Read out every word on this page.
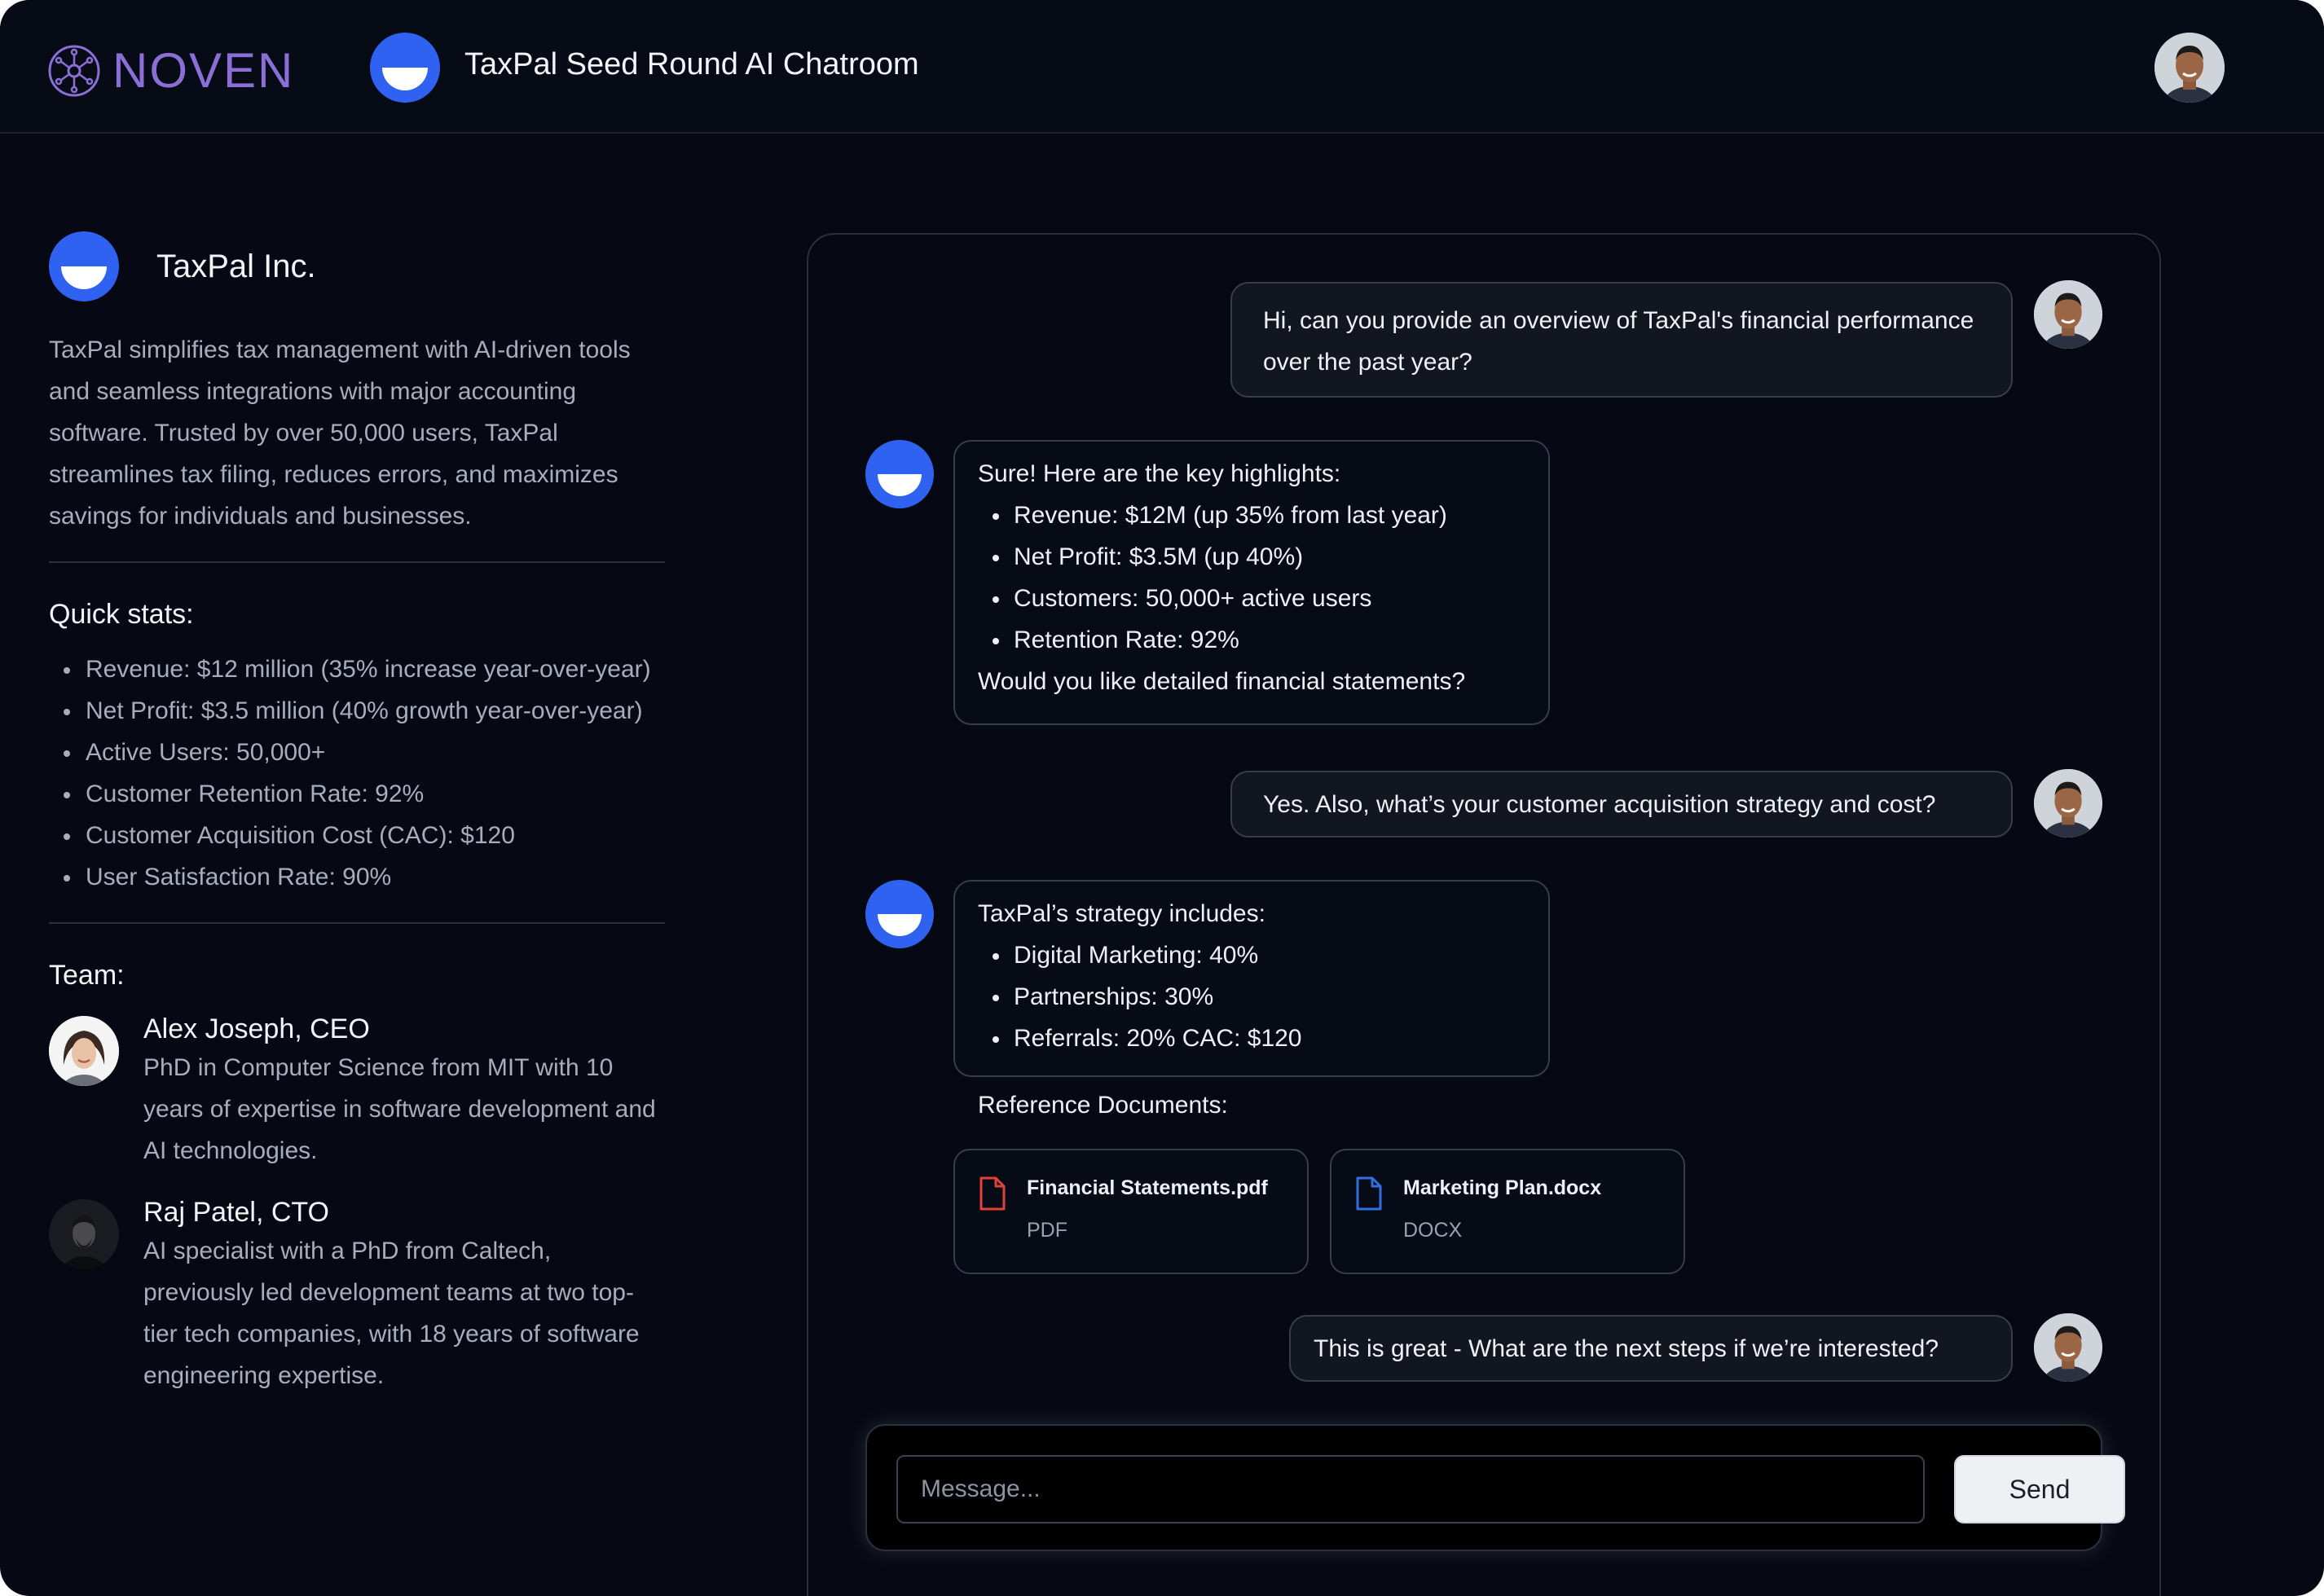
NOVEN	TaxPal Seed Round AI Chatroom
TaxPal Inc.

TaxPal simplifies tax management with AI-driven tools and seamless integrations with major accounting software. Trusted by over 50,000 users, TaxPal streamlines tax filing, reduces errors, and maximizes savings for individuals and businesses.

Quick stats:
Revenue: $12 million (35% increase year-over-year)
Net Profit: $3.5 million (40% growth year-over-year)
Active Users: 50,000+
Customer Retention Rate: 92%
Customer Acquisition Cost (CAC): $120
User Satisfaction Rate: 90%
Team:
Alex Joseph, CEO
PhD in Computer Science from MIT with 10 years of expertise in software development and AI technologies.
Raj Patel, CTO
AI specialist with a PhD from Caltech, previously led development teams at two top-tier tech companies, with 18 years of software engineering expertise.
Hi, can you provide an overview of TaxPal's financial performance over the past year?
Sure! Here are the key highlights:
Revenue: $12M (up 35% from last year)
Net Profit: $3.5M (up 40%)
Customers: 50,000+ active users
Retention Rate: 92%
Would you like detailed financial statements?
Yes. Also, what’s your customer acquisition strategy and cost?
TaxPal’s strategy includes:
Digital Marketing: 40%
Partnerships: 30%
Referrals: 20% CAC: $120
Reference Documents:
Financial Statements.pdf
PDF
Marketing Plan.docx
DOCX
This is great - What are the next steps if we’re interested?
Message...
Send
